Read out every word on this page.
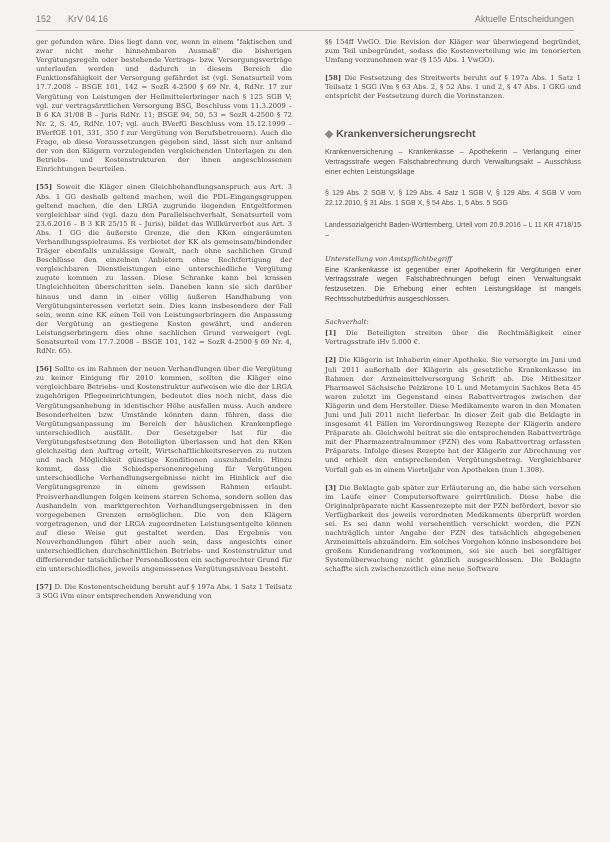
152 KrV 04.16	Aktuelle Entscheidungen

ger gefunden wäre. Dies liegt dann vor, wenn in einem "faktischen und zwar nicht mehr hinnehmbaren Ausmaß" die bisherigen Vergütungsregeln oder bestehende Vertrags- bzw. Versorgungsverträge unterlaufen werden und dadurch in diesem Bereich die Funktionsfähigkeit der Versorgung gefährdet ist (vgl. Senatsurteil vom 17.7.2008 – BSGE 101, 142 = SozR 4-2500 § 69 Nr. 4, RdNr. 17 zur Vergütung von Leistungen der Heilmittelerbringer nach § 125 SGB V; vgl. zur vertragsärztlichen Versorgung BSG, Beschluss vom 11.3.2009 – B 6 KA 31/08 B – Juris RdNr. 11; BSGE 94, 50, 53 = SozR 4-2500 § 72 Nr. 2, S. 45, RdNr. 107; vgl. auch BVerfG Beschluss vom 15.12.1999 – BVerfGE 101, 331, 350 f zur Vergütung von Berufsbetreuern). Auch die Frage, ob diese Voraussetzungen gegeben sind, lässt sich nur anhand der von den Klägern vorzulegenden vergleichenden Unterlagen zu den Betriebs- und Kostenstrukturen der ihnen angeschlossenen Einrichtungen beurteilen.

[55] Soweit die Kläger einen Gleichbehandlungsanspruch aus Art. 3 Abs. 1 GG deshalb geltend machen, weil die PDL-Eingangsgruppen geltend machen, die den LRGA zugrunde liegenden Entgeltformen vergleichbar sind (vgl. dazu den Parallelsachverhalt, Senatsurteil vom 23.6.2016 – B 3 KR 25/15 R – Juris), bildet das Willkürverbot aus Art. 3 Abs. 1 GG die äußerste Grenze, die den KKen eingeräumten Verhandlungsspielraums. Es verbietet der KK als gemeinsam/bindender Träger ebenfalls unzulässige Gewalt, nach ohne sachlichen Grund Beschlüsse den einzelnen Anbietern ohne Rechtfertigung der vergleichbaren Dienstleistungen eine unterschiedliche Vergütung zugute kommen zu lassen. Diese Schranke kann bei krassen Ungleichheiten überschritten sein. Daneben kann sie sich darüber hinaus und dann in einer völlig äußeren Handhabung von Vergütungsinteressen verletzt sein. Dies kann insbesondere der Fall sein, wenn eine KK einen Teil von Leistungserbringern die Anpassung der Vergütung an gestiegene Kosten gewährt, und anderen Leistungserbringern dies ohne sachlichen Grund verweigert (vgl. Senatsurteil vom 17.7.2008 – BSGE 101, 142 = SozR 4-2500 § 69 Nr. 4, RdNr. 65).

[56] Sollte es im Rahmen der neuen Verhandlungen über die Vergütung zu keiner Einigung für 2010 kommen, sollten die Kläger eine vergleichbare Betriebs- und Kostenstruktur aufweisen wie die der LRGA zugehörigen Pflegeeinrichtungen, bedeutet dies noch nicht, dass die Vergütungsanhebung in identischer Höhe ausfallen muss. Auch andere Besonderheiten bzw. Umstände könnten dann führen, dass die Vergütungsanpassung im Bereich der häuslichen Krankenpflege unterschiedlich ausfällt. Der Gesetzgeber hat für die Vergütungsfestsetzung den Beteiligten überlassen und hat den KKen gleichzeitig den Auftrag erteilt, Wirtschaftlichkeitsreserven zu nutzen und nach Möglichkeit günstige Konditionen auszuhandeln. Hinzu kommt, dass die Schiedspersonenregelung für Vergütungen unterschiedliche Verhandlungsergebnisse nicht im Hinblick auf die Vergütungsgrenze in einem gewissen Rahmen erlaubt. Preisverhandlungen folgen keinem starren Schema, sondern sollen das Aushandeln von marktgerechten Verhandlungsergebnissen in den vorgegebenen Grenzen ermöglichen. Die von den Klägern vorgetragenen, und der LRGA zugeordneten Leistungsentgelte können auf diese Weise gut gestaltet werden. Das Ergebnis von Neuverhandlungen führt aber auch sein, dass angesichts einer unterschiedlichen durchschnittlichen Betriebs- und Kostenstruktur und differierender tatsächlicher Personalkosten ein sachgerechter Grund für ein unterschiedliches, jeweils angemessenes Vergütungsniveau besteht.

[57] D. Die Kostenentscheidung beruht auf § 197a Abs. 1 Satz 1 Teilsatz 3 SGG iVm einer entsprechenden Anwendung von

§§ 154ff VwGO. Die Revision der Kläger war überwiegend begründet, zum Teil unbegründet, sodass die Kostenverteilung wie im tenorierten Umfang vorzunehmen war (§ 155 Abs. 1 VwGO).

[58] Die Festsetzung des Streitwerts beruht auf § 197a Abs. 1 Satz 1 Teilsatz 1 SGG iVm § 63 Abs. 2, § 52 Abs. 1 und 2, § 47 Abs. 1 GKG und entspricht der Festsetzung durch die Vorinstanzen.

◆ Krankenversicherungsrecht
Krankenversicherung – Krankenkasse – Apothekerin – Verlangung einer Vertragsstrafe wegen Falschabrechnung durch Verwaltungsakt – Ausschluss einer echten Leistungsklage
§ 129 Abs. 2 SGB V, § 129 Abs. 4 Satz 1 SGB V, § 129 Abs. 4 SGB V vom 22.12.2010, § 31 Abs. 1 SGB X, § 54 Abs. 1, 5 Abs. 5 SGG
Landessozialgericht Baden-Württemberg, Urteil vom 20.9.2016 – L 11 KR 4718/15 –
Unterstellung von Amtspflichtbegriff
Eine Krankenkasse ist gegenüber einer Apothekerin für Vergütungen einer Vertragsstrafe wegen Falschabrechnungen befugt einen Verwaltungsakt festzusetzen. Die Erhebung einer echten Leistungsklage ist mangels Rechtsschutzbedürfnis ausgeschlossen.
Sachverhalt:

[1] Die Beteiligten streiten über die Rechtmäßigkeit einer Vertragsstrafe iHv 5.000 €.

[2] Die Klägerin ist Inhaberin einer Apotheke. Sie versorgte im Juni und Juli 2011 außerhalb der Klägerin als gesetzliche Krankenkasse im Rahmen der Arzneimittelversorgung Schrift ab. Die Mitbesitzer Pharmawel Sächsische Pelzkrone 10 L und Metamycin Sachkos Beta 45 waren zuletzt im Gegenstand eines Rabattvertrages zwischen der Klägerin und dem Hersteller. Diese Medikamente waren in den Monaten Juni und Juli 2011 nicht lieferbar. In dieser Zeit gab die Beklagte in insgesamt 41 Fällen im Verordnungsweg Rezepte der Klägerin andere Präparate ab. Gleichwohl beitrat sie die entsprechenden Rabattverträge mit der Pharmazentralnummer (PZN) des vom Rabattvertrag erfassten Präparats. Infolge dieses Rezepte hat der Klägerin zur Abrechnung vor und erhielt den entsprechenden Vergütungsbetrag. Vergleichbarer Vorfall gab es in einem Vierteljahr von Apotheken (nun 1.308).

[3] Die Beklagte gab später zur Erläuterung an, die habe sich versehen im Laufe einer Computersoftware geirrtümlich. Diese habe die Originalpräparate nicht Kassenrezepte mit der PZN befördert, bevor sie Verfügbarkeit des jeweils verordneten Medikaments überprüft worden sei. Es sei dann wohl versehentlich verschickt worden, die PZN nachträglich unter Angabe der PZN des tatsächlich abgegebenen Arzneimittels abzuändern. Ein solches Vorgehen könne insbesondere bei großem Kundenandrang vorkommen, sei sie auch bei sorgfältiger Systemüberwachung nicht gänzlich ausgeschlossen. Die Beklagte schaffte sich zwischenzeitlich eine neue Software
